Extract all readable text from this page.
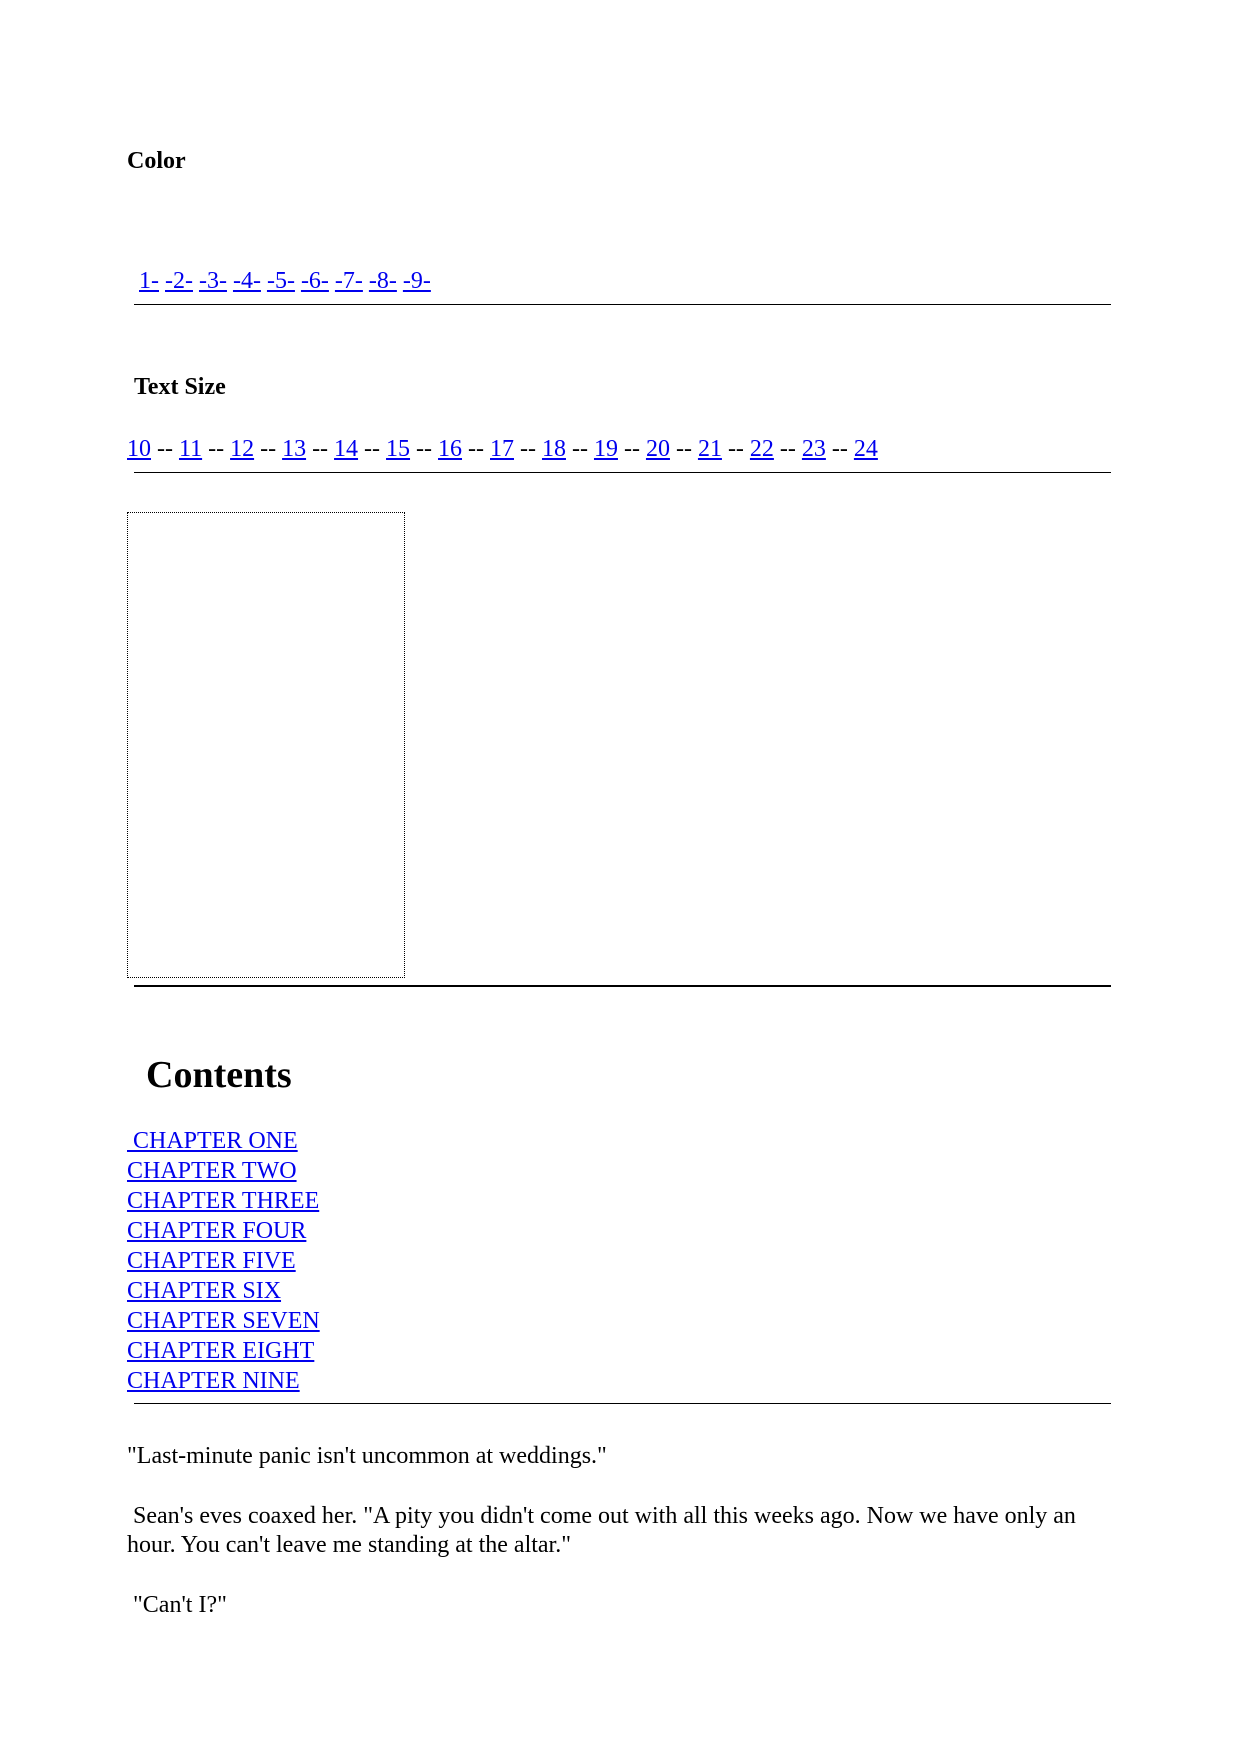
Color

1- -2- -3- -4- -5- -6- -7- -8- -9-

Text Size
10 -- 11 -- 12 -- 13 -- 14 -- 15 -- 16 -- 17 -- 18 -- 19 -- 20 -- 21 -- 22 -- 23 -- 24
Contents
CHAPTER ONE
CHAPTER TWO
CHAPTER THREE
CHAPTER FOUR
CHAPTER FIVE
CHAPTER SIX
CHAPTER SEVEN
CHAPTER EIGHT
CHAPTER NINE

"Last-minute panic isn't uncommon at weddings."

Sean's eves coaxed her. "A pity you didn't come out with all this weeks ago. Now we have only an hour. You can't leave me standing at the altar."

"Can't I?"
